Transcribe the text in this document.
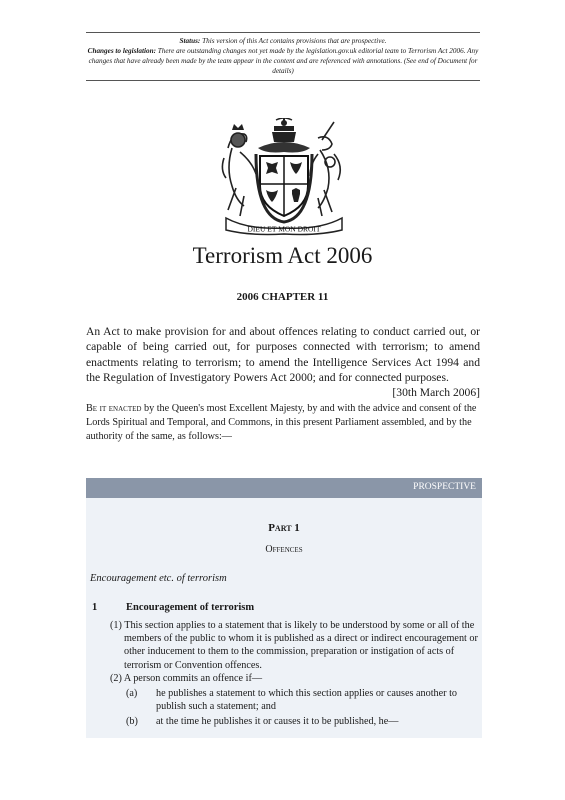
Status: This version of this Act contains provisions that are prospective.
Changes to legislation: There are outstanding changes not yet made by the legislation.gov.uk editorial team to Terrorism Act 2006. Any changes that have already been made by the team appear in the content and are referenced with annotations. (See end of Document for details)
DIEU ET MON DROIT
Terrorism Act 2006
2006 CHAPTER 11
An Act to make provision for and about offences relating to conduct carried out, or capable of being carried out, for purposes connected with terrorism; to amend enactments relating to terrorism; to amend the Intelligence Services Act 1994 and the Regulation of Investigatory Powers Act 2000; and for connected purposes.
[30th March 2006]
Be it enacted by the Queen's most Excellent Majesty, by and with the advice and consent of the Lords Spiritual and Temporal, and Commons, in this present Parliament assembled, and by the authority of the same, as follows:—
PROSPECTIVE
Part 1
Offences
Encouragement etc. of terrorism
1	Encouragement of terrorism
(1) This section applies to a statement that is likely to be understood by some or all of the members of the public to whom it is published as a direct or indirect encouragement or other inducement to them to the commission, preparation or instigation of acts of terrorism or Convention offences.
(2) A person commits an offence if—
(a) he publishes a statement to which this section applies or causes another to publish such a statement; and
(b) at the time he publishes it or causes it to be published, he—
